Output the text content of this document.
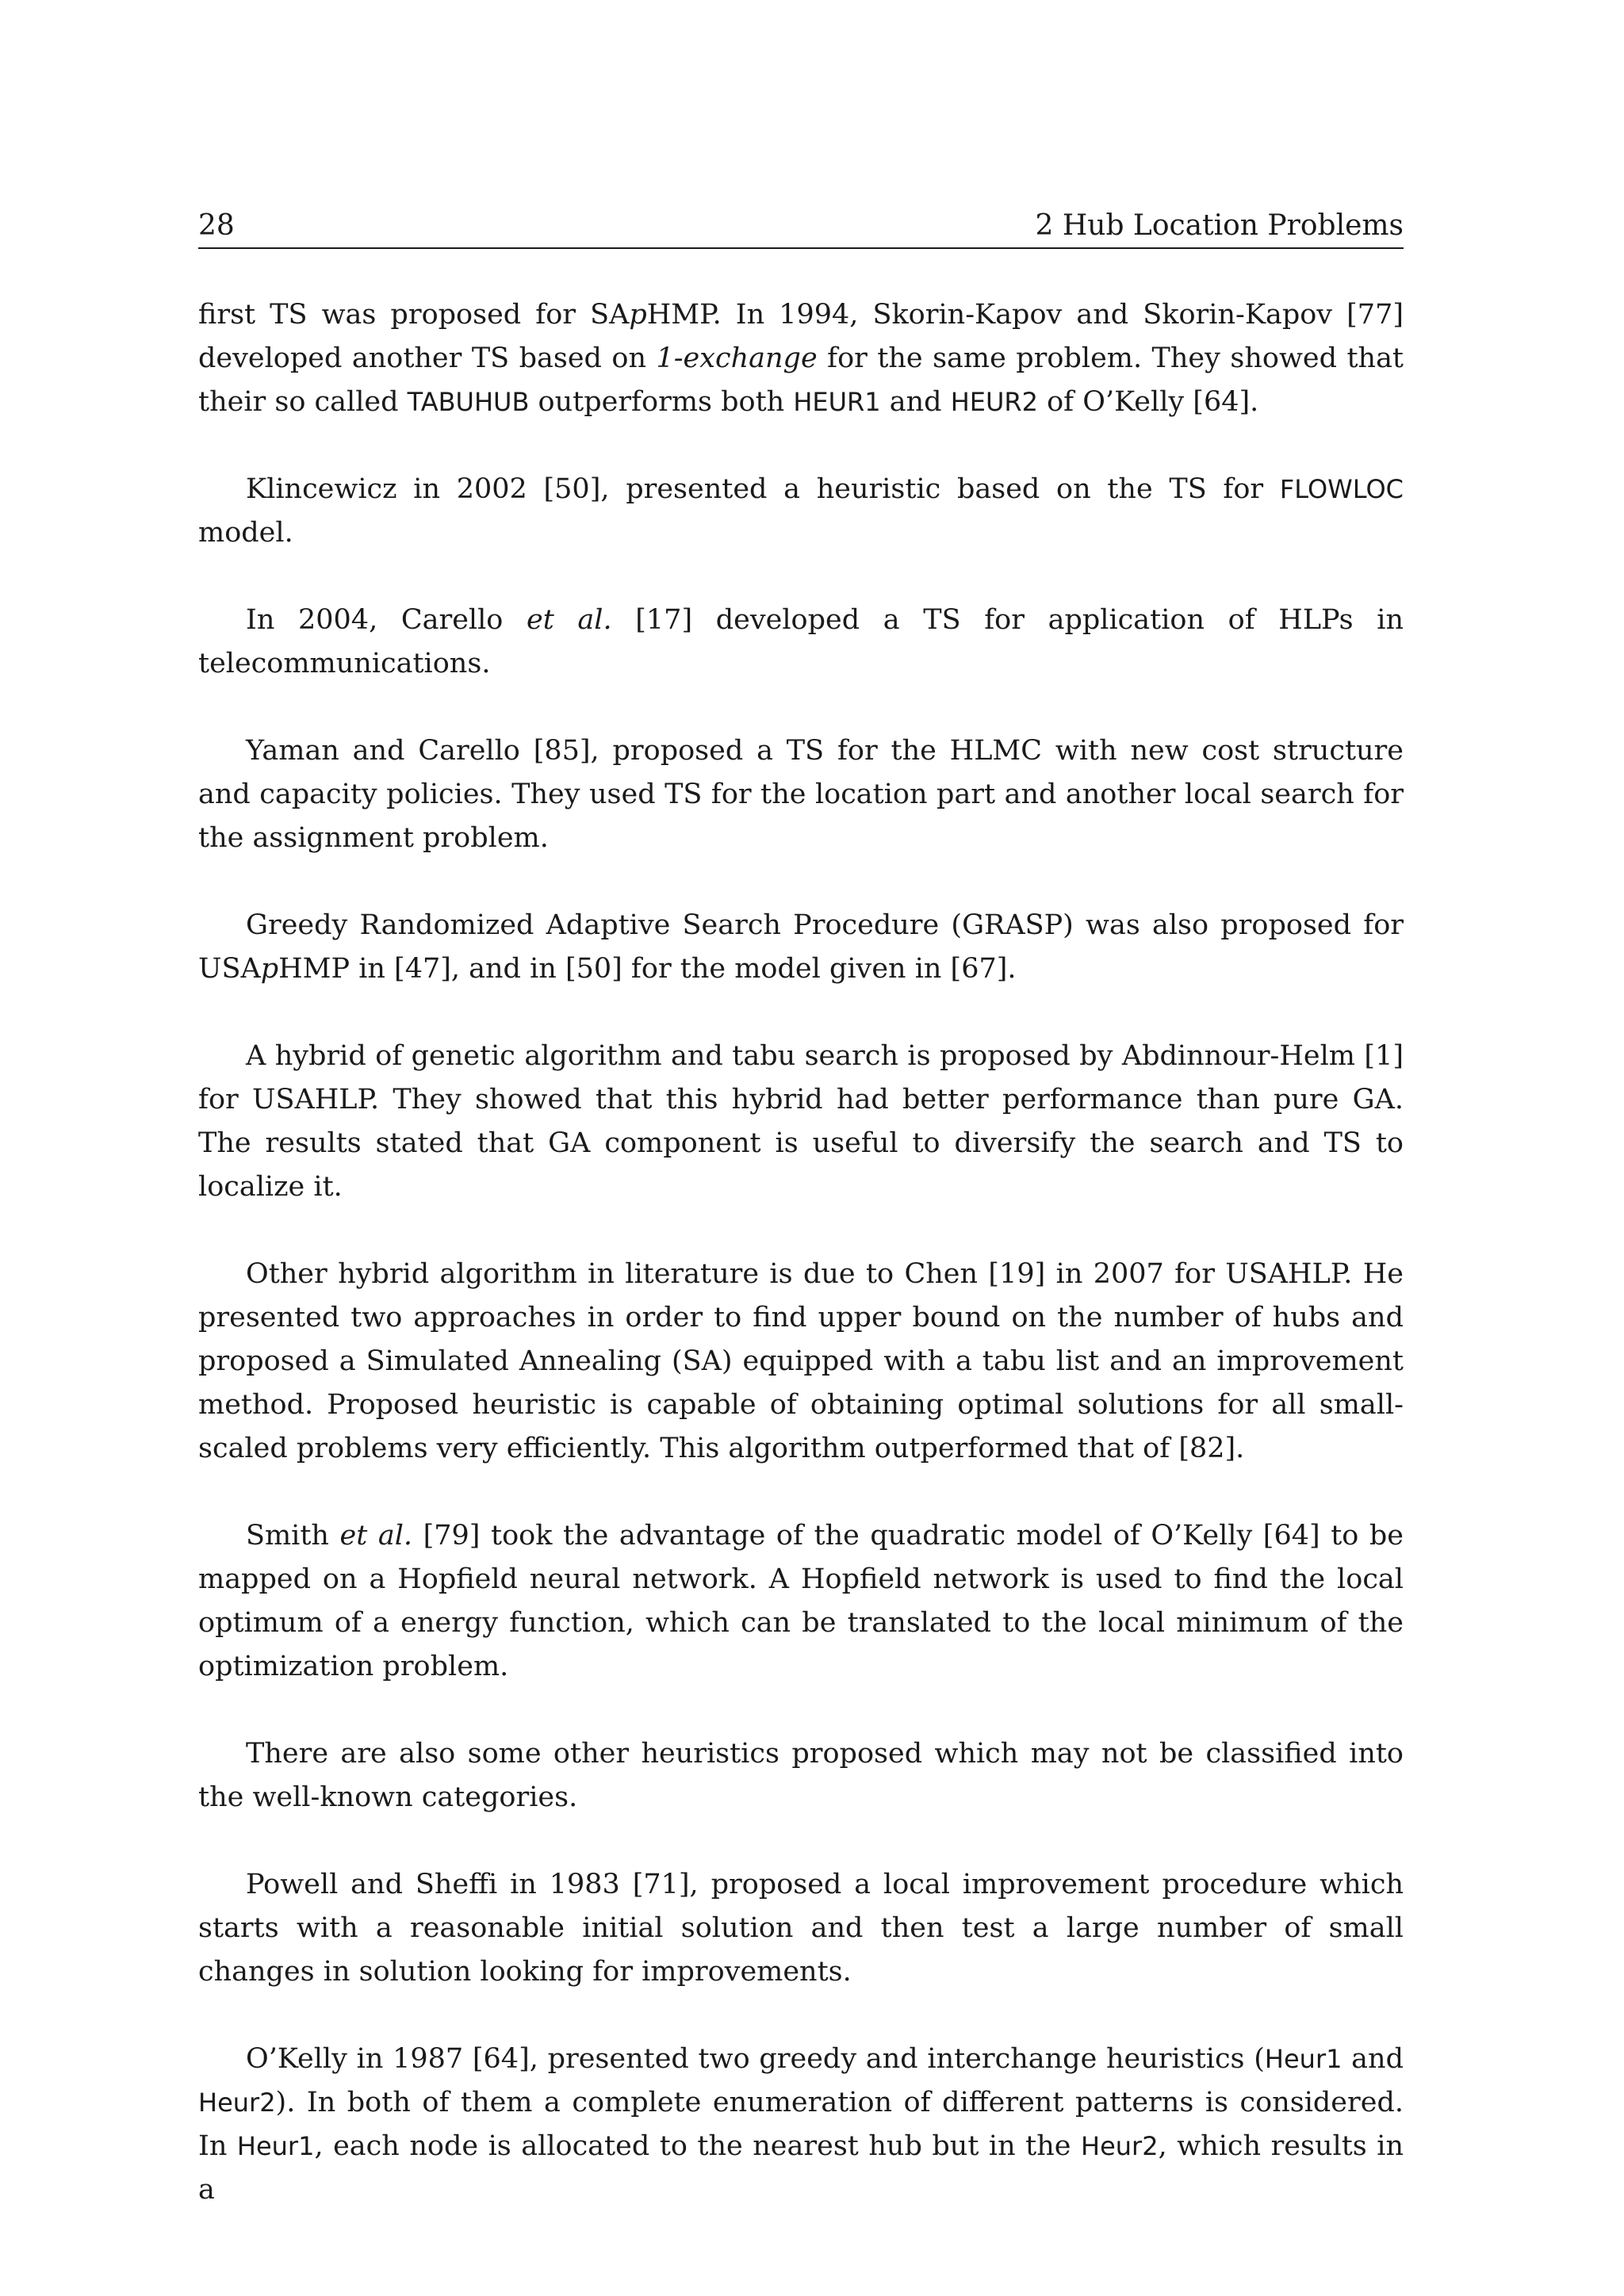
28	2 Hub Location Problems

first TS was proposed for SApHMP. In 1994, Skorin-Kapov and Skorin-Kapov [77] developed another TS based on 1-exchange for the same problem. They showed that their so called TABUHUB outperforms both HEUR1 and HEUR2 of O’Kelly [64].

Klincewicz in 2002 [50], presented a heuristic based on the TS for FLOWLOC model.

In 2004, Carello et al. [17] developed a TS for application of HLPs in telecommunications.

Yaman and Carello [85], proposed a TS for the HLMC with new cost structure and capacity policies. They used TS for the location part and another local search for the assignment problem.

Greedy Randomized Adaptive Search Procedure (GRASP) was also proposed for USApHMP in [47], and in [50] for the model given in [67].

A hybrid of genetic algorithm and tabu search is proposed by Abdinnour-Helm [1] for USAHLP. They showed that this hybrid had better performance than pure GA. The results stated that GA component is useful to diversify the search and TS to localize it.

Other hybrid algorithm in literature is due to Chen [19] in 2007 for USAHLP. He presented two approaches in order to find upper bound on the number of hubs and proposed a Simulated Annealing (SA) equipped with a tabu list and an improvement method. Proposed heuristic is capable of obtaining optimal solutions for all small-scaled problems very efficiently. This algorithm outperformed that of [82].

Smith et al. [79] took the advantage of the quadratic model of O’Kelly [64] to be mapped on a Hopfield neural network. A Hopfield network is used to find the local optimum of a energy function, which can be translated to the local minimum of the optimization problem.

There are also some other heuristics proposed which may not be classified into the well-known categories.

Powell and Sheffi in 1983 [71], proposed a local improvement procedure which starts with a reasonable initial solution and then test a large number of small changes in solution looking for improvements.

O’Kelly in 1987 [64], presented two greedy and interchange heuristics (Heur1 and Heur2). In both of them a complete enumeration of different patterns is considered. In Heur1, each node is allocated to the nearest hub but in the Heur2, which results in a
